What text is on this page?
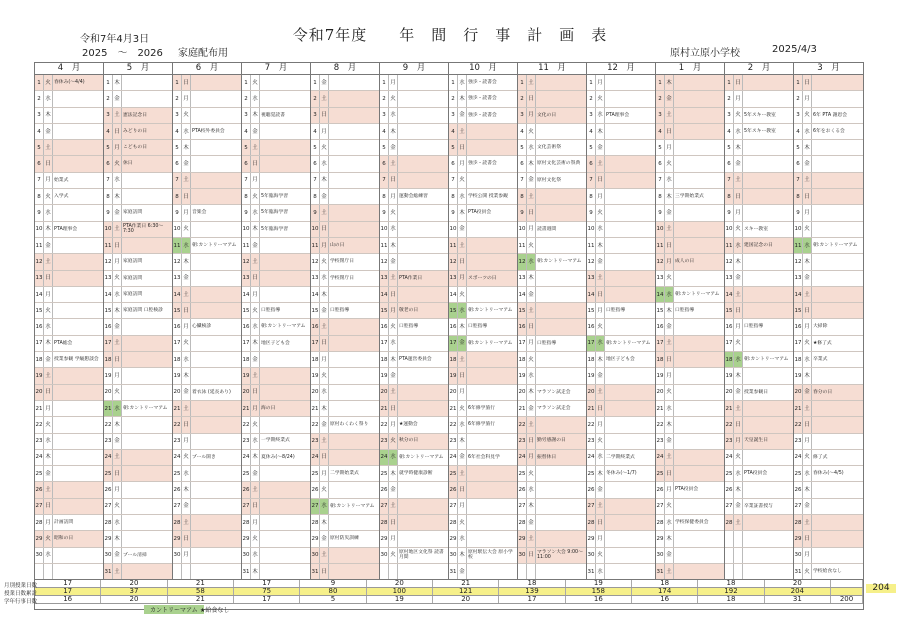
令和7年4月3日
2025　～　2026 家庭配布用
令和7年度　　年　間　行　事　計　画　表
原村立原小学校	2025/4/3
4　月
1 火 春休み(～4/4)
2 水
3 木
4 金
5 土
6 日
7 月 始業式
8 火 入学式
9 水
10 木 PTA理事会
11 金
12 土
13 日
14 月
15 火
16 水
17 木 PTA総会
18 金 授業参観 学級懇談会
19 土
20 日
21 月
22 火
23 水
24 木
25 金
26 土
27 日
28 月 計画訪問
29 火 昭和の日
30 水
5　月
1 木
2 金
3 土 憲法記念日
4 日 みどりの日
5 月 こどもの日
6 火 休日
7 水
8 木
9 金 家庭訪問
10 土 PTA作業日 6:30～7:30
11 日
12 月 家庭訪問
13 火 家庭訪問
14 水 家庭訪問
15 木 家庭訪問 口腔検診
16 金
17 土
18 日
19 月
20 火
21 水 朝:カントリーマアム
22 木
23 金
24 土
25 日
26 月
27 火
28 水
29 木
30 金 プール清掃
31 土
6　月
1 日
2 月
3 火
4 水 PTA校外委員会
5 木
6 金
7 土
8 日
9 月 音楽会
10 火
11 水 朝:カントリーマアム
12 木
13 金
14 土
15 日
16 月 心臓検診
17 火
18 水
19 木
20 金 着衣泳 (延長あり)
21 土
22 日
23 月
24 火 プール開き
25 水
26 木
27 金
28 土
29 日
30 月
7　月
1 火
2 水
3 木 視聴覚読書
4 金
5 土
6 日
7 月
8 火 5年臨海学習
9 水 5年臨海学習
10 木 5年臨海学習
11 金
12 土
13 日
14 月
15 火 口腔指導
16 水 朝:カントリーマアム
17 木 地区子ども会
18 金
19 土
20 日
21 月 海の日
22 火
23 水 一学期終業式
24 木 夏休み(～8/24)
25 金
26 土
27 日
28 月
29 火
30 水
31 木
8　月
1 金
2 土
3 日
4 月
5 火
6 水
7 木
8 金
9 土
10 日
11 月 山の日
12 火 学校閉庁日
13 水 学校閉庁日
14 木
15 金 口腔指導
16 土
17 日
18 月
19 火
20 水
21 木
22 金 原村わくわく祭り
23 土
24 日
25 月 二学期始業式
26 火
27 水 朝:カントリーマアム
28 木
29 金 原村防災訓練
30 土
31 日
9　月
1 月
2 火
3 水
4 木
5 金
6 土
7 日
8 月 運動会総練習
9 火
10 水
11 木
12 金
13 土 PTA作業日
14 日
15 月 敬老の日
16 火 口腔指導
17 水
18 木 PTA運営委員会
19 金
20 土
21 日
22 月 ★運動会
23 火 秋分の日
24 水 朝:カントリーマアム
25 木 就学時健康診断
26 金
27 土
28 日
29 月
30 火 原村地区文化祭 読書月間
10　月
1 水 強歩・読書会
2 木 強歩・読書会
3 金 強歩・読書会
4 土
5 日
6 月 強歩・読書会
7 火
8 水 学校公開 授業参観
9 木 PTA役員会
10 金
11 土
12 日
13 月 スポーツの日
14 火
15 水 朝:カントリーマアム
16 木 口腔指導
17 金 朝:カントリーマアム
18 土
19 日
20 月
21 火 6年修学旅行
22 水 6年修学旅行
23 木
24 金 6年社会科見学
25 土
26 日
27 月
28 火
29 水
30 木 原村駅伝大会 原小学校
31 金
11　月
1 土
2 日
3 月 文化の日
4 火
5 水 文化芸術祭
6 木 原村文化芸術の祭典
7 金 原村文化祭
8 土
9 日
10 月 読書週間
11 火
12 水 朝:カントリーマアム
13 木
14 金
15 土
16 日
17 月 口腔指導
18 火
19 水
20 木 マラソン試走会
21 金 マラソン試走会
22 土
23 日 勤労感謝の日
24 月 振替休日
25 火
26 水
27 木
28 金
29 土
30 日 マラソン大会 9:00～11:00
12　月
1 月
2 火
3 水 PTA理事会
4 木
5 金
6 土
7 日
8 月
9 火
10 水
11 木
12 金
13 土
14 日
15 月 口腔指導
16 火
17 水 朝:カントリーマアム
18 木 地区子ども会
19 金
20 土
21 日
22 月
23 火
24 水 二学期終業式
25 木 冬休み(～1/7)
26 金
27 土
28 日
29 月
30 火
31 水
1　月
1 木
2 金
3 土
4 日
5 月
6 火
7 水
8 木 三学期始業式
9 金
10 土
11 日
12 月 成人の日
13 火
14 水 朝:カントリーマアム
15 木 口腔指導
16 金
17 土
18 日
19 月
20 火
21 水
22 木
23 金
24 土
25 日
26 月 PTA役員会
27 火
28 水 学校保健委員会
29 木
30 金
31 土
2　月
1 日
2 月
3 火 5年スキー教室
4 水 5年スキー教室
5 木
6 金
7 土
8 日
9 月
10 火 スキー教室
11 水 建国記念の日
12 木
13 金
14 土
15 日
16 月 口腔指導
17 火
18 水 朝:カントリーマアム
19 木
20 金 授業参観日
21 土
22 日
23 月 天皇誕生日
24 火
25 水 PTA役員会
26 木
27 金 卒業証書授与
28 土
3　月
1 日
2 月
3 火 6年 PTA 謝恩会
4 水 6年をおくる会
5 木
6 金
7 土
8 日
9 月
10 火
11 水 朝:カントリーマアム
12 木
13 金
14 土
15 日
16 月 大掃除
17 火 ★修了式
18 水 卒業式
19 木
20 金 春分の日
21 土
22 日
23 月
24 火 修了式
25 水 春休み(～4/5)
26 木
27 金
28 土
29 日
30 月
31 火 学校給食なし
17	20	21	17	9	20	21	18	19	18	18	20
17	37	58	75	80	100	121	139	158	174	192	204
16	20	21	17	5	19	20	17	16	16	18	31	200
204
カントリーマアム ★給食なし
月別授業日数
授業日数累計
学年行事日数
